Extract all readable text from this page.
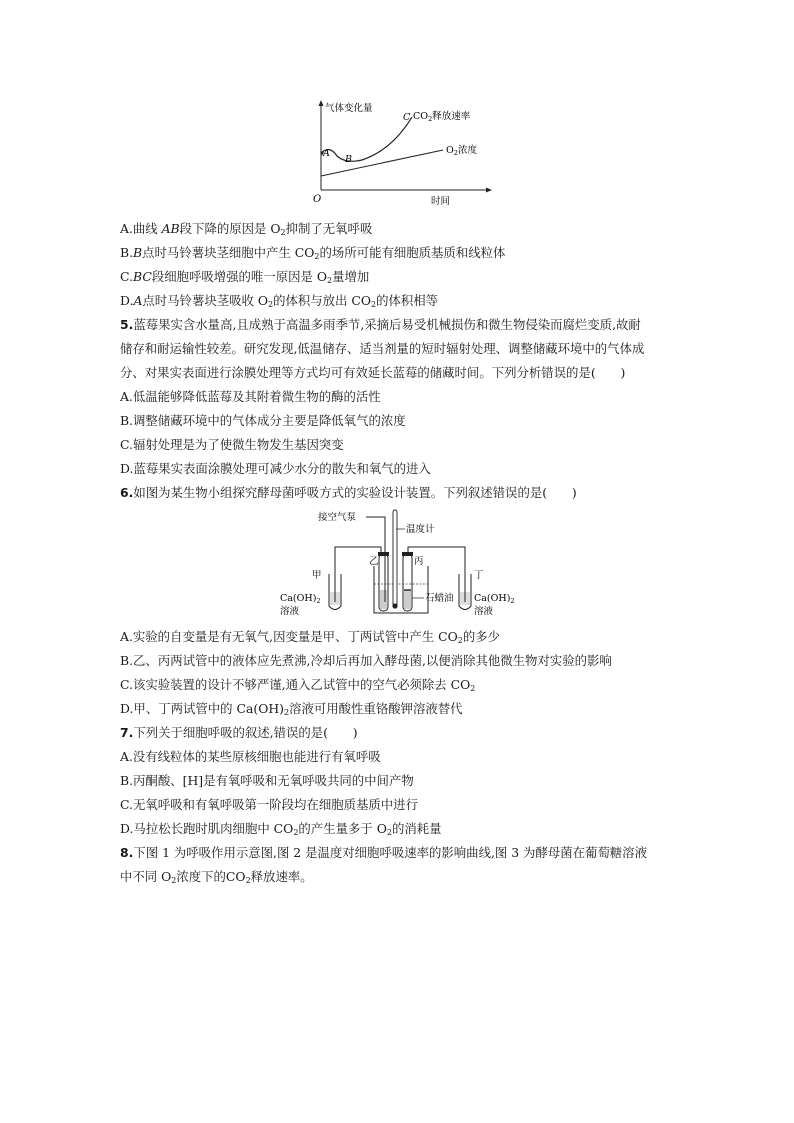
气体变化量
时间
O
A
B
C $CO_2$释放速率
$O_2$浓度
A.曲线 AB段下降的原因是 $O_2$抑制了无氧呼吸
B.B点时马铃薯块茎细胞中产生 $CO_2$的场所可能有细胞质基质和线粒体
C.BC段细胞呼吸增强的唯一原因是 $O_2$量增加
D.A点时马铃薯块茎吸收 $O_2$的体积与放出 $CO_2$的体积相等
5.蓝莓果实含水量高,且成熟于高温多雨季节,采摘后易受机械损伤和微生物侵染而腐烂变质,故耐
储存和耐运输性较差。研究发现,低温储存、适当剂量的短时辐射处理、调整储藏环境中的气体成
分、对果实表面进行涂膜处理等方式均可有效延长蓝莓的储藏时间。下列分析错误的是(　　)
A.低温能够降低蓝莓及其附着微生物的酶的活性
B.调整储藏环境中的气体成分主要是降低氧气的浓度
C.辐射处理是为了使微生物发生基因突变
D.蓝莓果实表面涂膜处理可减少水分的散失和氧气的进入
6.如图为某生物小组探究酵母菌呼吸方式的实验设计装置。下列叙述错误的是(　　)
接空气泵
温度计
乙	丙
甲	丁
石蜡油
$Ca(OH)_2$
溶液
$Ca(OH)_2$
溶液
A.实验的自变量是有无氧气,因变量是甲、丁两试管中产生 $CO_2$的多少
B.乙、丙两试管中的液体应先煮沸,冷却后再加入酵母菌,以便消除其他微生物对实验的影响
C.该实验装置的设计不够严谨,通入乙试管中的空气必须除去 $CO_2$
D.甲、丁两试管中的 $Ca(OH)_2$溶液可用酸性重铬酸钾溶液替代
7.下列关于细胞呼吸的叙述,错误的是(　　)
A.没有线粒体的某些原核细胞也能进行有氧呼吸
B.丙酮酸、[H]是有氧呼吸和无氧呼吸共同的中间产物
C.无氧呼吸和有氧呼吸第一阶段均在细胞质基质中进行
D.马拉松长跑时肌肉细胞中 $CO_2$的产生量多于 $O_2$的消耗量
8.下图 1 为呼吸作用示意图,图 2 是温度对细胞呼吸速率的影响曲线,图 3 为酵母菌在葡萄糖溶液
中不同 $O_2$浓度下的$CO_2$释放速率。
